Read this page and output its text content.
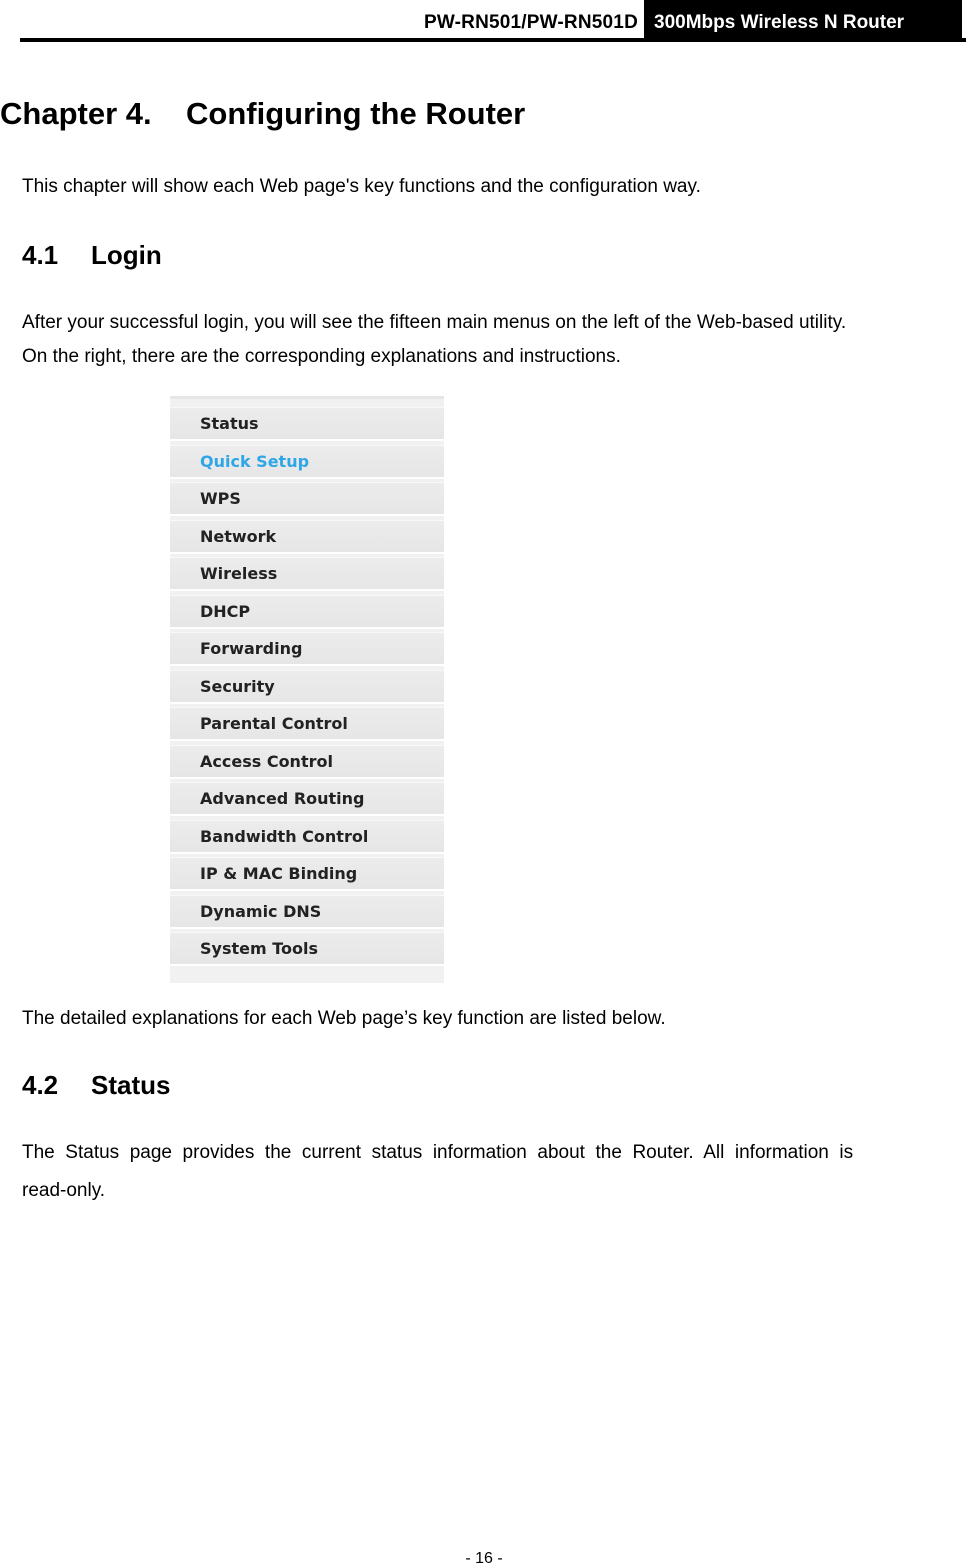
PW-RN501/PW-RN501D 300Mbps Wireless N Router
Chapter 4. Configuring the Router

This chapter will show each Web page's key functions and the configuration way.

4.1 Login

After your successful login, you will see the fifteen main menus on the left of the Web-based utility.

On the right, there are the corresponding explanations and instructions.

Status
Quick Setup
WPS
Network
Wireless
DHCP
Forwarding
Security
Parental Control
Access Control
Advanced Routing
Bandwidth Control
IP & MAC Binding
Dynamic DNS
System Tools

The detailed explanations for each Web page’s key function are listed below.

4.2 Status

The  Status  page  provides  the  current  status  information  about  the  Router.  All  information  is

read-only.

- 16 -
